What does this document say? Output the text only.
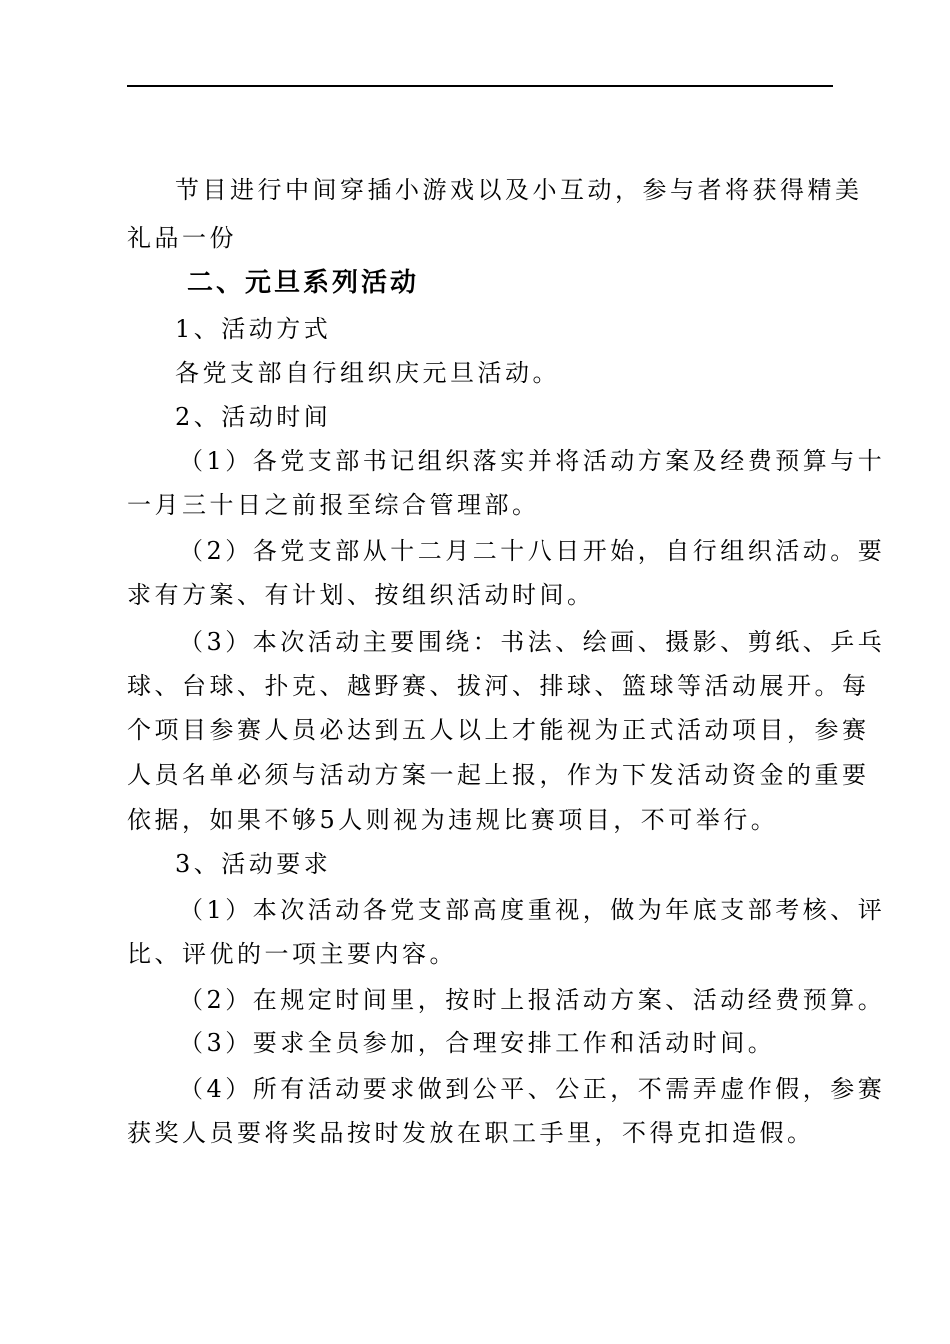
节目进行中间穿插小游戏以及小互动，参与者将获得精美
礼品一份
二、元旦系列活动
1、活动方式
各党支部自行组织庆元旦活动。
2、活动时间
（1）各党支部书记组织落实并将活动方案及经费预算与十
一月三十日之前报至综合管理部。
（2）各党支部从十二月二十八日开始，自行组织活动。要
求有方案、有计划、按组织活动时间。
（3）本次活动主要围绕：书法、绘画、摄影、剪纸、乒乓
球、台球、扑克、越野赛、拔河、排球、篮球等活动展开。每
个项目参赛人员必达到五人以上才能视为正式活动项目，参赛
人员名单必须与活动方案一起上报，作为下发活动资金的重要
依据，如果不够5人则视为违规比赛项目，不可举行。
3、活动要求
（1）本次活动各党支部高度重视，做为年底支部考核、评
比、评优的一项主要内容。
（2）在规定时间里，按时上报活动方案、活动经费预算。
（3）要求全员参加，合理安排工作和活动时间。
（4）所有活动要求做到公平、公正，不需弄虚作假，参赛
获奖人员要将奖品按时发放在职工手里，不得克扣造假。
